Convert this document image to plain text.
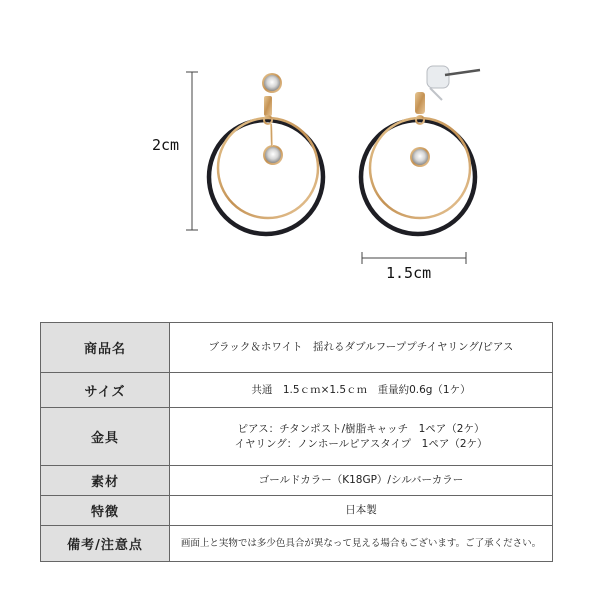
2cm
1.5cm
商品名	ブラック＆ホワイト　揺れるダブルフーププチイヤリング/ピアス
サイズ	共通　1.5ｃｍ×1.5ｃｍ　重量約0.6g（1ケ）
金具	ピアス：チタンポスト/樹脂キャッチ　1ペア（2ケ）
イヤリング：ノンホールピアスタイプ　1ペア（2ケ）

素材	ゴールドカラー（K18GP）/シルバーカラー
特徴	日本製
備考/注意点	画面上と実物では多少色具合が異なって見える場合もございます。ご了承ください。
